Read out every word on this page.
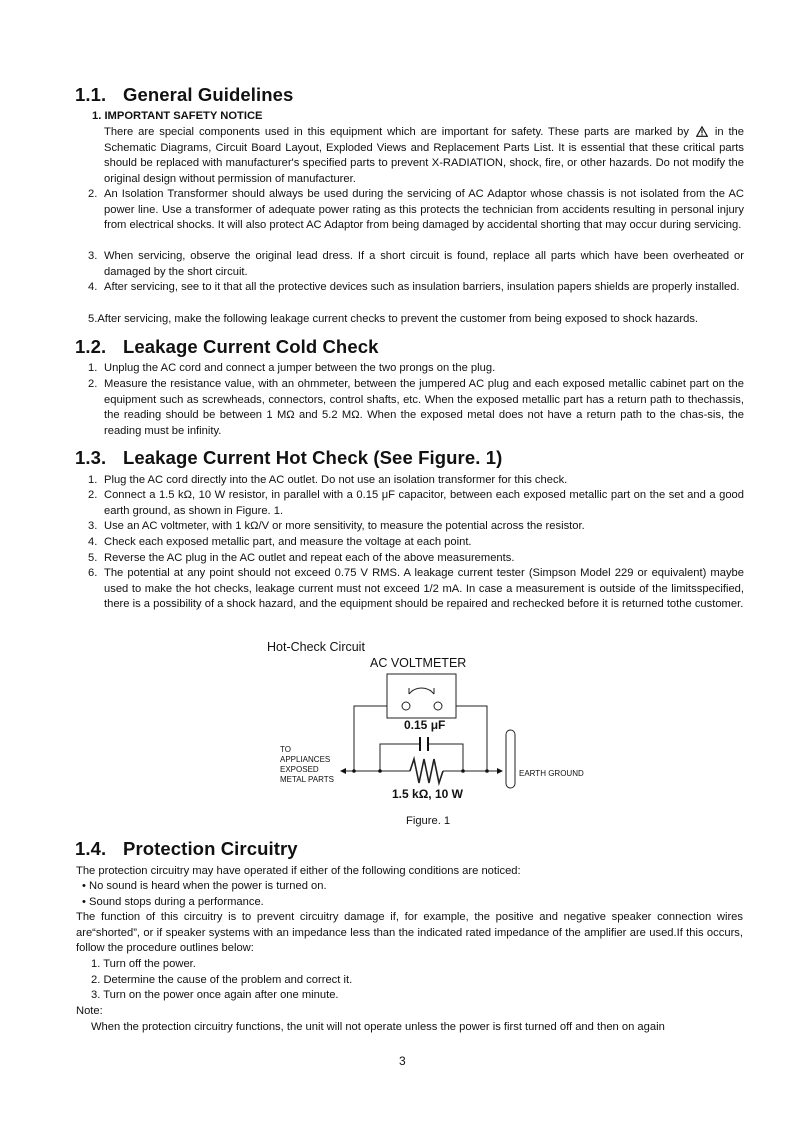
1.1. General Guidelines
1. IMPORTANT SAFETY NOTICE
There are special components used in this equipment which are important for safety. These parts are marked by in the Schematic Diagrams, Circuit Board Layout, Exploded Views and Replacement Parts List. It is essential that these critical parts should be replaced with manufacturer's specified parts to prevent X-RADIATION, shock, fire, or other hazards. Do not modify the original design without permission of manufacturer.
2. An Isolation Transformer should always be used during the servicing of AC Adaptor whose chassis is not isolated from the AC power line. Use a transformer of adequate power rating as this protects the technician from accidents resulting in personal injury from electrical shocks. It will also protect AC Adaptor from being damaged by accidental shorting that may occur during servicing.
3. When servicing, observe the original lead dress. If a short circuit is found, replace all parts which have been overheated or damaged by the short circuit.
4. After servicing, see to it that all the protective devices such as insulation barriers, insulation papers shields are properly installed.
5.After servicing, make the following leakage current checks to prevent the customer from being exposed to shock hazards.
1.2. Leakage Current Cold Check
1. Unplug the AC cord and connect a jumper between the two prongs on the plug.
2. Measure the resistance value, with an ohmmeter, between the jumpered AC plug and each exposed metallic cabinet part on the equipment such as screwheads, connectors, control shafts, etc. When the exposed metallic part has a return path to thechassis, the reading should be between 1 MΩ and 5.2 MΩ. When the exposed metal does not have a return path to the chas-sis, the reading must be infinity.
1.3. Leakage Current Hot Check (See Figure. 1)
1. Plug the AC cord directly into the AC outlet. Do not use an isolation transformer for this check.
2. Connect a 1.5 kΩ, 10 W resistor, in parallel with a 0.15 μF capacitor, between each exposed metallic part on the set and a good earth ground, as shown in Figure. 1.
3. Use an AC voltmeter, with 1 kΩ/V or more sensitivity, to measure the potential across the resistor.
4. Check each exposed metallic part, and measure the voltage at each point.
5. Reverse the AC plug in the AC outlet and repeat each of the above measurements.
6. The potential at any point should not exceed 0.75 V RMS. A leakage current tester (Simpson Model 229 or equivalent) maybe used to make the hot checks, leakage current must not exceed 1/2 mA. In case a measurement is outside of the limitsspecified, there is a possibility of a shock hazard, and the equipment should be repaired and rechecked before it is returned tothe customer.
Hot-Check Circuit
AC VOLTMETER
0.15 μF
TO
APPLIANCES
EXPOSED
METAL PARTS
EARTH GROUND
1.5 kΩ, 10 W
Figure. 1
1.4. Protection Circuitry
The protection circuitry may have operated if either of the following conditions are noticed:
• No sound is heard when the power is turned on.
• Sound stops during a performance.
The function of this circuitry is to prevent circuitry damage if, for example, the positive and negative speaker connection wires are“shorted”, or if speaker systems with an impedance less than the indicated rated impedance of the amplifier are used.If this occurs, follow the procedure outlines below:
1. Turn off the power.
2. Determine the cause of the problem and correct it.
3. Turn on the power once again after one minute.
Note:
When the protection circuitry functions, the unit will not operate unless the power is first turned off and then on again
3
